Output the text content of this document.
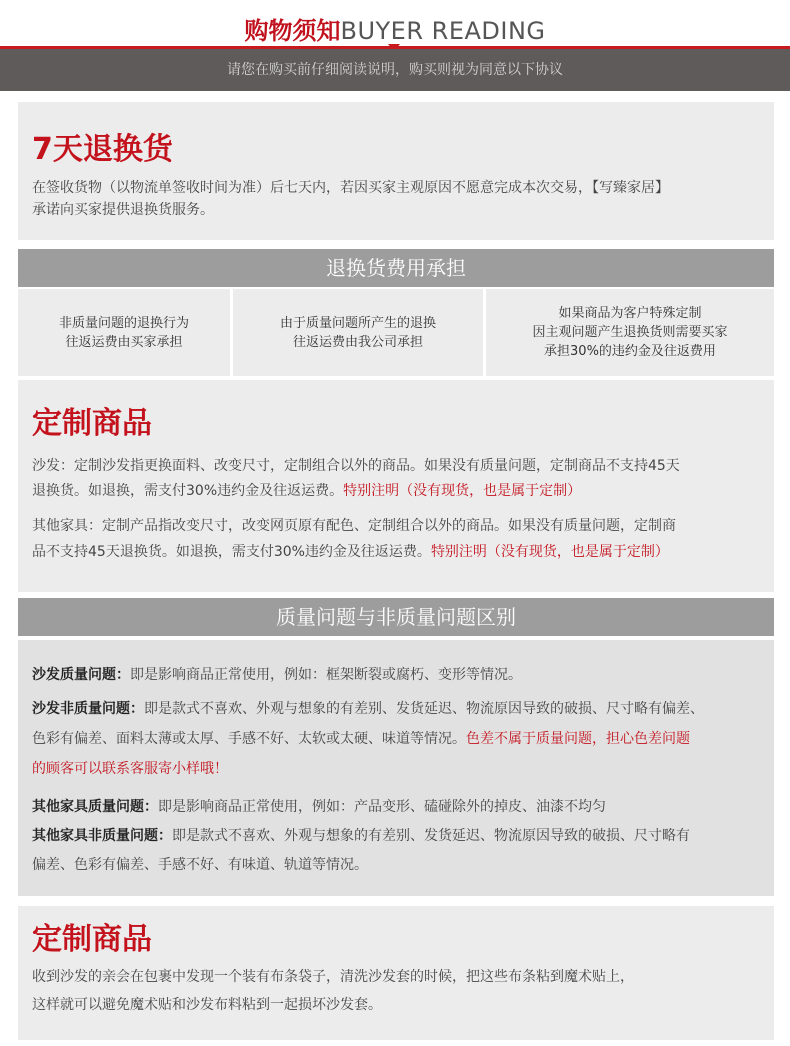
购物须知BUYER READING
请您在购买前仔细阅读说明，购买则视为同意以下协议
7天退换货
在签收货物（以物流单签收时间为准）后七天内，若因买家主观原因不愿意完成本次交易，【写臻家居】
承诺向买家提供退换货服务。
退换货费用承担
非质量问题的退换行为
往返运费由买家承担
由于质量问题所产生的退换
往返运费由我公司承担
如果商品为客户特殊定制
因主观问题产生退换货则需要买家
承担30%的违约金及往返费用
定制商品
沙发：定制沙发指更换面料、改变尺寸，定制组合以外的商品。如果没有质量问题，定制商品不支持45天
退换货。如退换，需支付30%违约金及往返运费。特别注明（没有现货，也是属于定制）
其他家具：定制产品指改变尺寸，改变网页原有配色、定制组合以外的商品。如果没有质量问题，定制商
品不支持45天退换货。如退换，需支付30%违约金及往返运费。特别注明（没有现货，也是属于定制）
质量问题与非质量问题区别
沙发质量问题：即是影响商品正常使用，例如：框架断裂或腐朽、变形等情况。
沙发非质量问题：即是款式不喜欢、外观与想象的有差别、发货延迟、物流原因导致的破损、尺寸略有偏差、
色彩有偏差、面料太薄或太厚、手感不好、太软或太硬、味道等情况。色差不属于质量问题，担心色差问题
的顾客可以联系客服寄小样哦！
其他家具质量问题：即是影响商品正常使用，例如：产品变形、磕碰除外的掉皮、油漆不均匀
其他家具非质量问题：即是款式不喜欢、外观与想象的有差别、发货延迟、物流原因导致的破损、尺寸略有
偏差、色彩有偏差、手感不好、有味道、轨道等情况。
定制商品
收到沙发的亲会在包裹中发现一个装有布条袋子，清洗沙发套的时候，把这些布条粘到魔术贴上，
这样就可以避免魔术贴和沙发布料粘到一起损坏沙发套。
